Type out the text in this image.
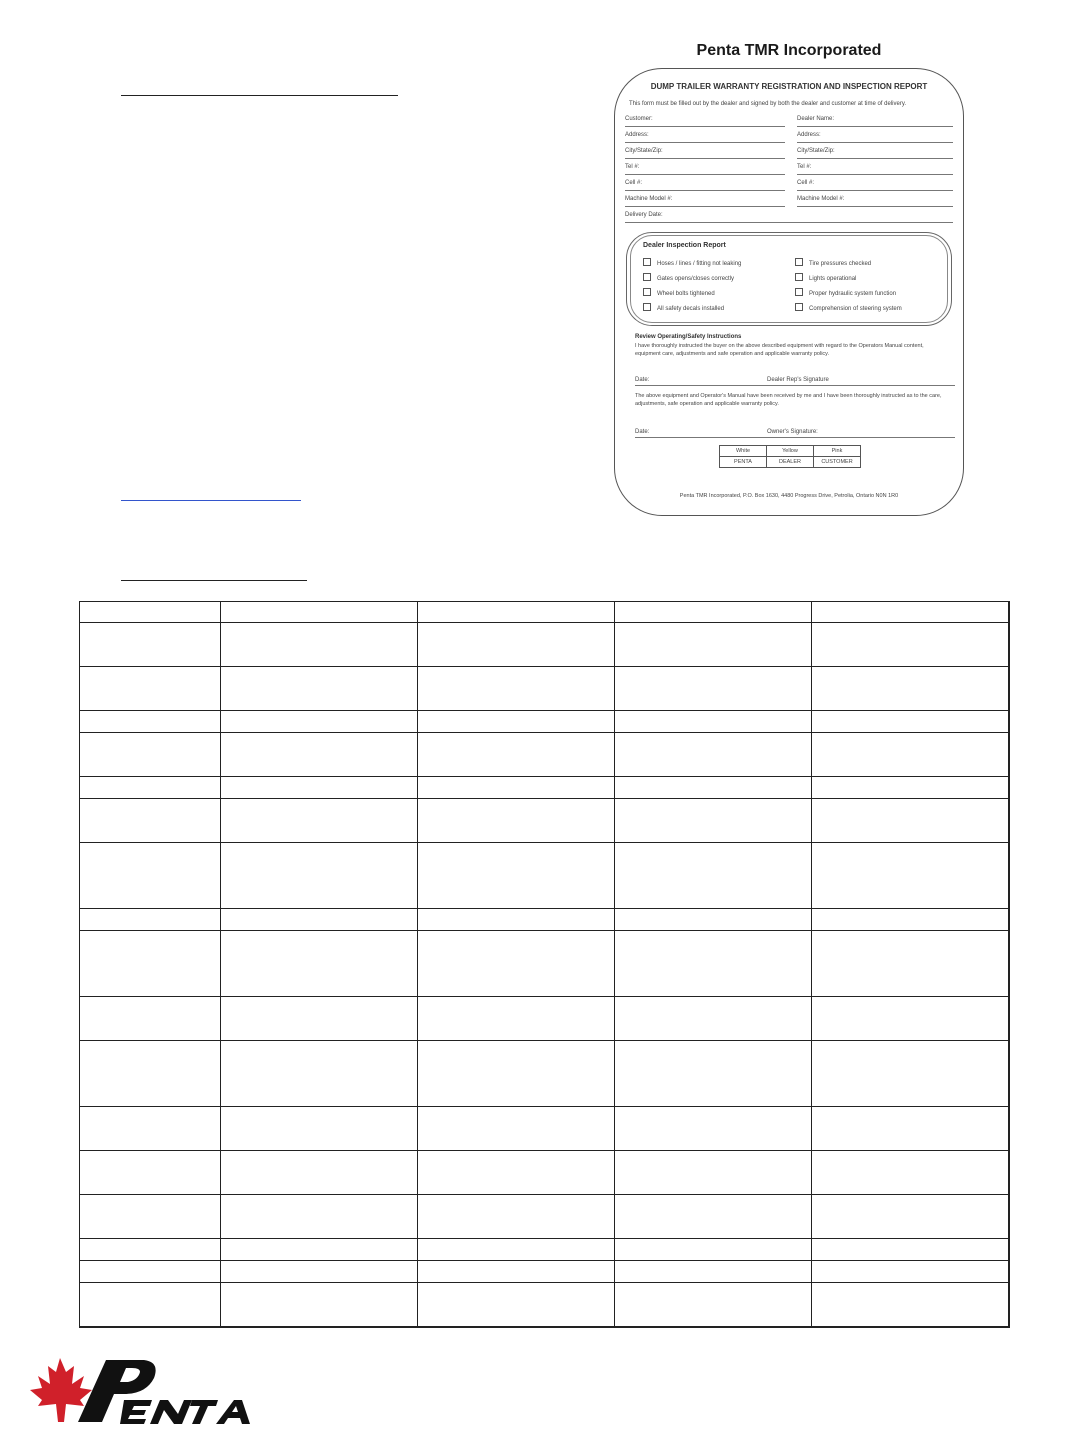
Penta TMR Incorporated
DUMP TRAILER WARRANTY REGISTRATION AND INSPECTION REPORT
This form must be filled out by the dealer and signed by both the dealer and customer at time of delivery.
Customer:
Address:
City/State/Zip:
Tel #:
Cell #:
Machine Model #:
Dealer Name:
Address:
City/State/Zip:
Tel #:
Cell #:
Machine Model #:
Delivery Date:
Dealer Inspection Report
Hoses / lines / fitting not leaking
Gates opens/closes correctly
Wheel bolts tightened
All safety decals installed
Tire pressures checked
Lights operational
Proper hydraulic system function
Comprehension of steering system
Review Operating/Safety Instructions
I have thoroughly instructed the buyer on the above described equipment with regard to the Operators Manual content, equipment care, adjustments and safe operation and applicable warranty policy.
Date:	Dealer Rep's Signature
The above equipment and Operator's Manual have been received by me and I have been thoroughly instructed as to the care, adjustments, safe operation and applicable warranty policy.
Date:	Owner's Signature:
White	Yellow	Pink
PENTA	DEALER	CUSTOMER
Penta TMR Incorporated, P.O. Box 1630, 4480 Progress Drive, Petrolia, Ontario N0N 1R0
